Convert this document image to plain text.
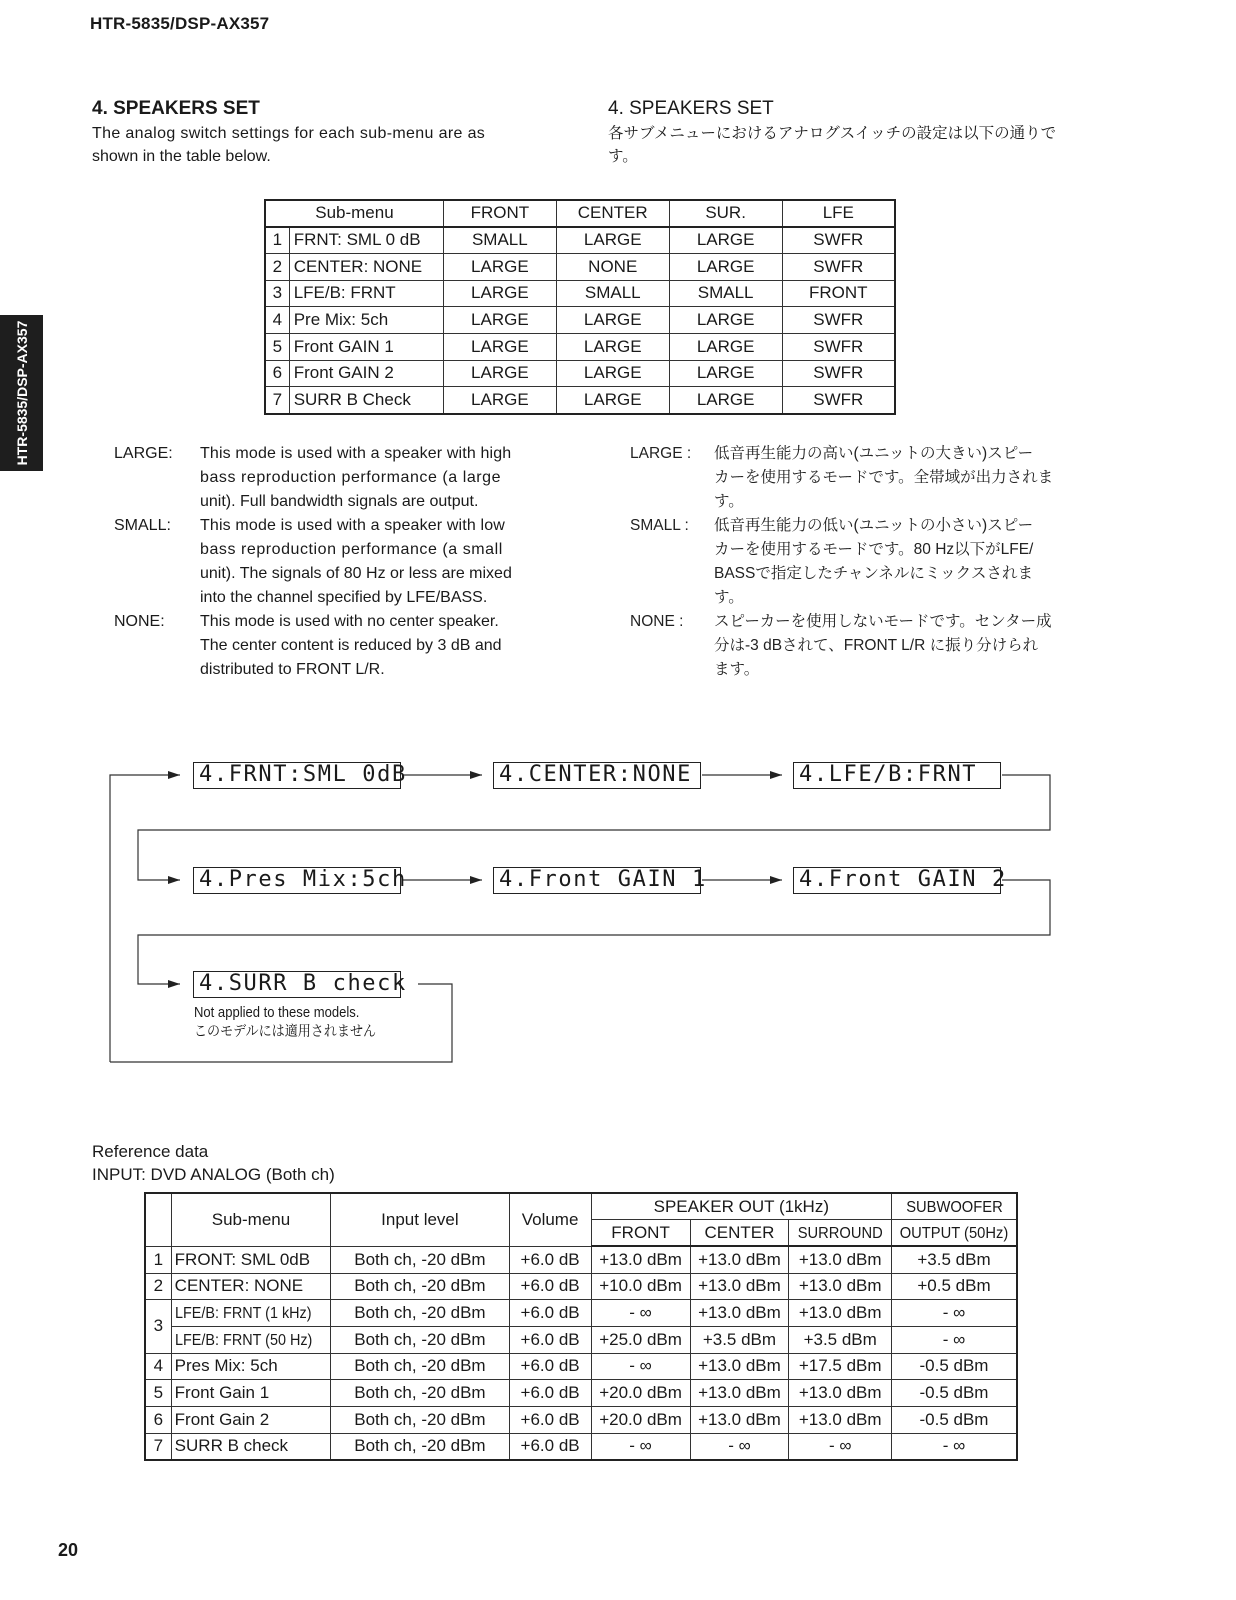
HTR-5835/DSP-AX357
HTR-5835/DSP-AX357
4. SPEAKERS SET
The analog switch settings for each sub-menu are as
shown in the table below.
4. SPEAKERS SET
各サブメニューにおけるアナログスイッチの設定は以下の通りで
す。
Sub-menu		FRONT	CENTER	SUR.	LFE
1	FRNT: SML 0 dB	SMALL	LARGE	LARGE	SWFR
2	CENTER: NONE	LARGE	NONE	LARGE	SWFR
3	LFE/B: FRNT	LARGE	SMALL	SMALL	FRONT
4	Pre Mix: 5ch	LARGE	LARGE	LARGE	SWFR
5	Front GAIN 1	LARGE	LARGE	LARGE	SWFR
6	Front GAIN 2	LARGE	LARGE	LARGE	SWFR
7	SURR B Check	LARGE	LARGE	LARGE	SWFR
LARGE: This mode is used with a speaker with high
bass reproduction performance (a large
unit). Full bandwidth signals are output.
SMALL: This mode is used with a speaker with low
bass reproduction performance (a small
unit). The signals of 80 Hz or less are mixed
into the channel specified by LFE/BASS.
NONE: This mode is used with no center speaker.
The center content is reduced by 3 dB and
distributed to FRONT L/R.
LARGE : 低音再生能力の高い(ユニットの大きい)スピー
カーを使用するモードです。全帯域が出力されま
す。
SMALL : 低音再生能力の低い(ユニットの小さい)スピー
カーを使用するモードです。80 Hz以下がLFE/
BASSで指定したチャンネルにミックスされま
す。
NONE : スピーカーを使用しないモードです。センター成
分は-3 dBされて、FRONT L/R に振り分けられ
ます。
4.FRNT:SML 0dB	4.CENTER:NONE	4.LFE/B:FRNT
4.Pres Mix:5ch	4.Front GAIN 1	4.Front GAIN 2
4.SURR B check
Not applied to these models.
このモデルには適用されません
Reference data
INPUT: DVD ANALOG (Both ch)
	Sub-menu	Input level	Volume	SPEAKER OUT (1kHz)			SUBWOOFER
				FRONT	CENTER	SURROUND	OUTPUT (50Hz)
1	FRONT: SML 0dB	Both ch, -20 dBm	+6.0 dB	+13.0 dBm	+13.0 dBm	+13.0 dBm	+3.5 dBm
2	CENTER: NONE	Both ch, -20 dBm	+6.0 dB	+10.0 dBm	+13.0 dBm	+13.0 dBm	+0.5 dBm
3	LFE/B: FRNT (1 kHz)	Both ch, -20 dBm	+6.0 dB	- ∞	+13.0 dBm	+13.0 dBm	- ∞
	LFE/B: FRNT (50 Hz)	Both ch, -20 dBm	+6.0 dB	+25.0 dBm	+3.5 dBm	+3.5 dBm	- ∞
4	Pres Mix: 5ch	Both ch, -20 dBm	+6.0 dB	- ∞	+13.0 dBm	+17.5 dBm	-0.5 dBm
5	Front Gain 1	Both ch, -20 dBm	+6.0 dB	+20.0 dBm	+13.0 dBm	+13.0 dBm	-0.5 dBm
6	Front Gain 2	Both ch, -20 dBm	+6.0 dB	+20.0 dBm	+13.0 dBm	+13.0 dBm	-0.5 dBm
7	SURR B check	Both ch, -20 dBm	+6.0 dB	- ∞	- ∞	- ∞	- ∞
20
